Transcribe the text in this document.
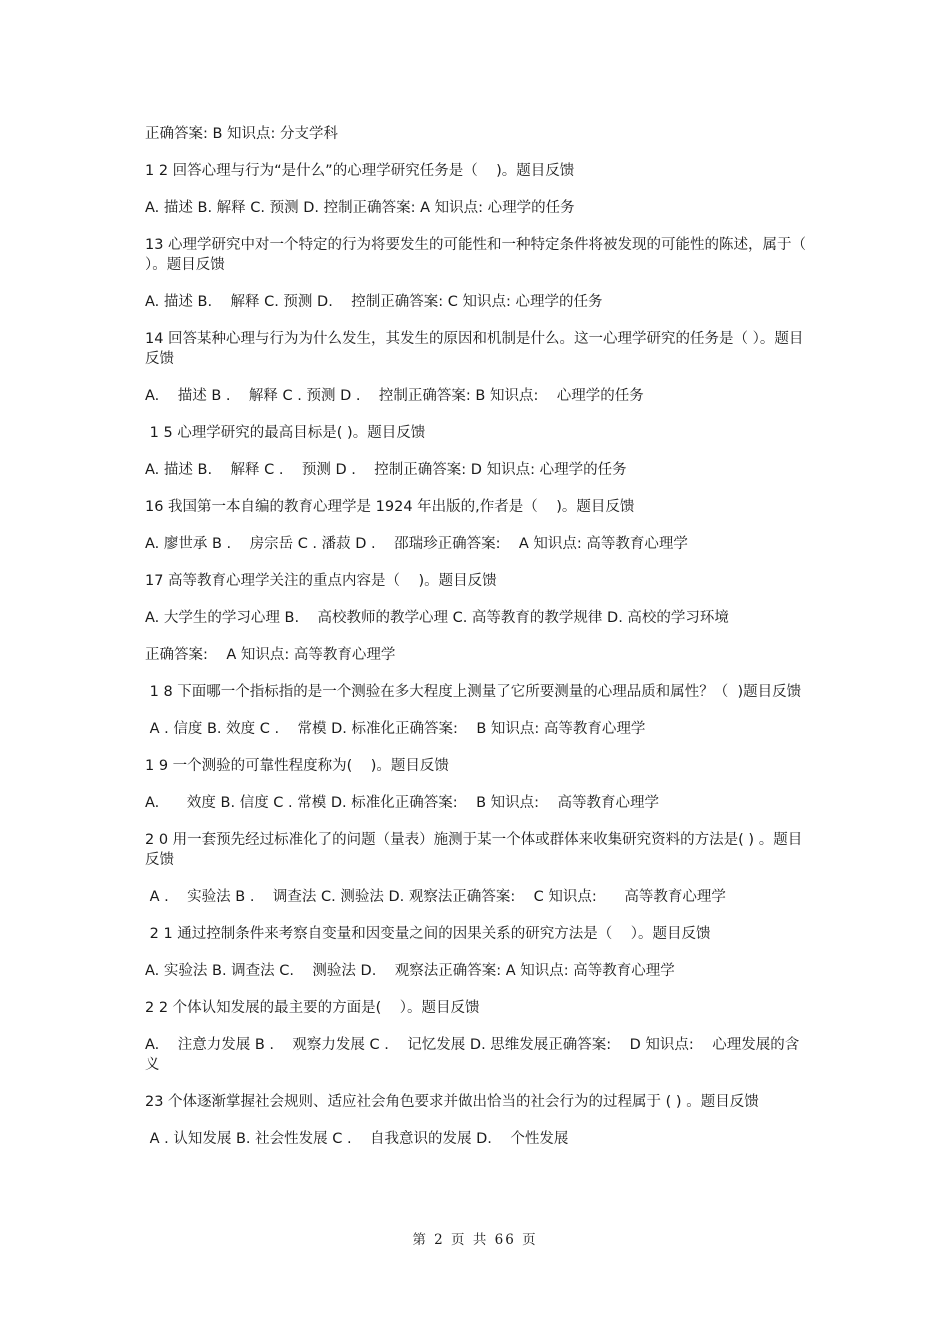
正确答案: B 知识点: 分支学科

1 2 回答心理与行为“是什么”的心理学研究任务是（    )。题目反馈

A. 描述 B. 解释 C. 预测 D. 控制正确答案: A 知识点: 心理学的任务

13 心理学研究中对一个特定的行为将要发生的可能性和一种特定条件将被发现的可能性的陈述，属于（  ）。题目反馈

A. 描述 B.    解释 C. 预测 D.    控制正确答案: C 知识点: 心理学的任务

14 回答某种心理与行为为什么发生，其发生的原因和机制是什么。这一心理学研究的任务是（ ）。题目反馈

A.    描述 B .    解释 C . 预测 D .    控制正确答案: B 知识点:    心理学的任务

1 5 心理学研究的最高目标是( )。题目反馈

A. 描述 B.    解释 C .    预测 D .    控制正确答案: D 知识点: 心理学的任务

16 我国第一本自编的教育心理学是 1924 年出版的,作者是（    )。题目反馈

A. 廖世承 B .    房宗岳 C . 潘菽 D .    邵瑞珍正确答案:    A 知识点: 高等教育心理学

17 高等教育心理学关注的重点内容是（    )。题目反馈

A. 大学生的学习心理 B.    高校教师的教学心理 C. 高等教育的教学规律 D. 高校的学习环境

正确答案:    A 知识点: 高等教育心理学

1 8 下面哪一个指标指的是一个测验在多大程度上测量了它所要测量的心理品质和属性？（  )题目反馈

A . 信度 B. 效度 C .    常模 D. 标准化正确答案:    B 知识点: 高等教育心理学

1 9 一个测验的可靠性程度称为(    )。题目反馈

A.      效度 B. 信度 C . 常模 D. 标准化正确答案:    B 知识点:    高等教育心理学

2 0 用一套预先经过标准化了的问题（量表）施测于某一个体或群体来收集研究资料的方法是( ) 。题目反馈

A .    实验法 B .    调查法 C. 测验法 D. 观察法正确答案:    C 知识点:      高等教育心理学

2 1 通过控制条件来考察自变量和因变量之间的因果关系的研究方法是（    ）。题目反馈

A. 实验法 B. 调查法 C.    测验法 D.    观察法正确答案: A 知识点: 高等教育心理学

2 2 个体认知发展的最主要的方面是(    ）。题目反馈

A.    注意力发展 B .    观察力发展 C .    记忆发展 D. 思维发展正确答案:    D 知识点:    心理发展的含义

23 个体逐渐掌握社会规则、适应社会角色要求并做出恰当的社会行为的过程属于 ( ) 。题目反馈

A . 认知发展 B. 社会性发展 C .    自我意识的发展 D.    个性发展

第 2 页 共 66 页
